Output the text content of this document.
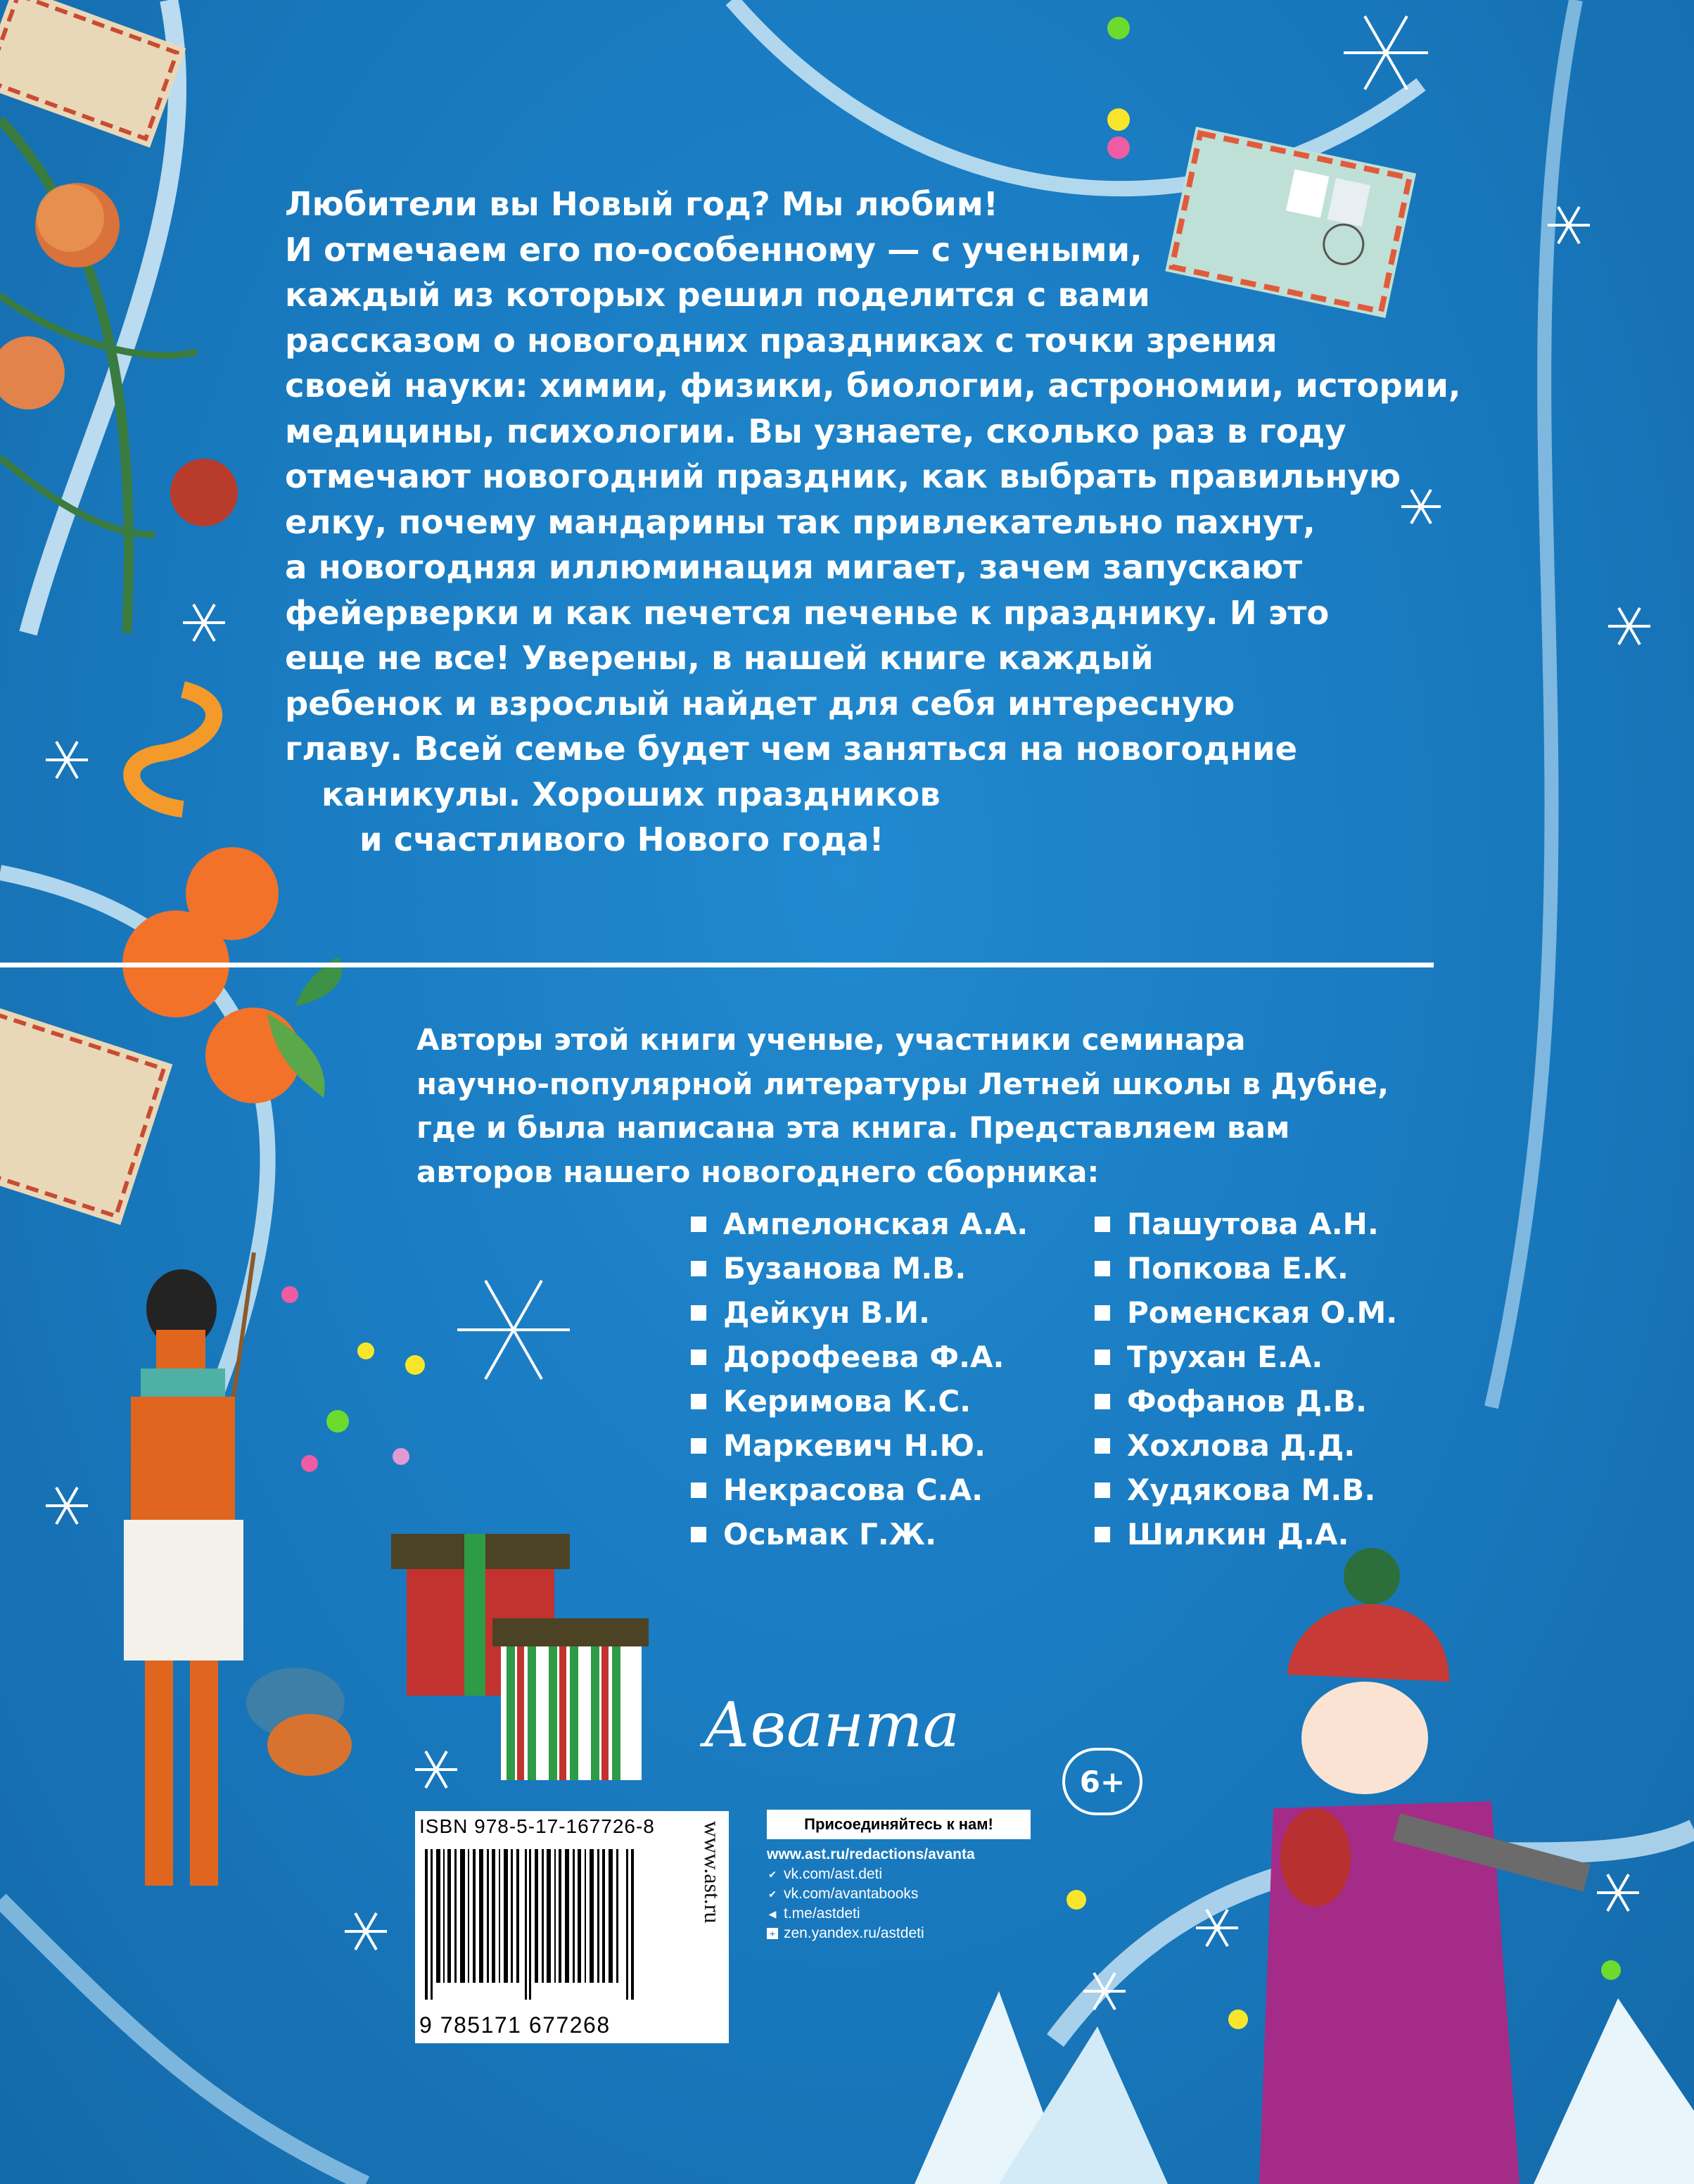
Любители вы Новый год? Мы любим!
И отмечаем его по-особенному — с учеными,
каждый из которых решил поделится с вами
рассказом о новогодних праздниках с точки зрения
своей науки: химии, физики, биологии, астрономии, истории,
медицины, психологии. Вы узнаете, сколько раз в году
отмечают новогодний праздник, как выбрать правильную
елку, почему мандарины так привлекательно пахнут,
а новогодняя иллюминация мигает, зачем запускают
фейерверки и как печется печенье к празднику. И это
еще не все! Уверены, в нашей книге каждый
ребенок и взрослый найдет для себя интересную
главу. Всей семье будет чем заняться на новогодние
каникулы. Хороших праздников
и счастливого Нового года!
Авторы этой книги ученые, участники семинара
научно-популярной литературы Летней школы в Дубне,
где и была написана эта книга. Представляем вам
авторов нашего новогоднего сборника:
Ампелонская А.А.
Бузанова М.В.
Дейкун В.И.
Дорофеева Ф.А.
Керимова К.С.
Маркевич Н.Ю.
Некрасова С.А.
Осьмак Г.Ж.
Пашутова А.Н.
Попкова Е.К.
Роменская О.М.
Трухан Е.А.
Фофанов Д.В.
Хохлова Д.Д.
Худякова М.В.
Шилкин Д.А.
Аванта
6+
ISBN 978-5-17-167726-8
9 785171 677268
www.ast.ru	Присоединяйтесь к нам!
www.ast.ru/redactions/avanta
✔ vk.com/ast.deti
✔ vk.com/avantabooks
◀ t.me/astdeti
+ zen.yandex.ru/astdeti
